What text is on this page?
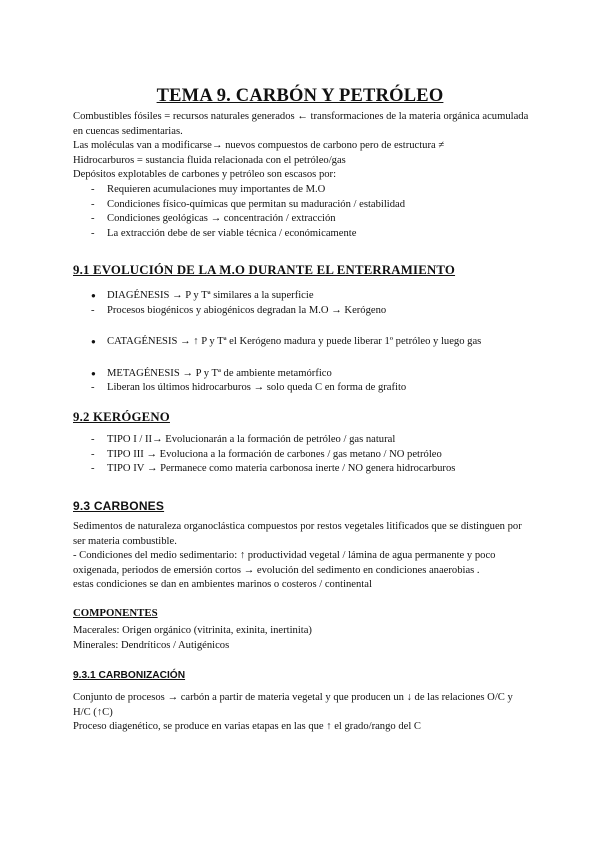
TEMA 9. CARBÓN Y PETRÓLEO

Combustibles fósiles = recursos naturales generados ← transformaciones de la materia orgánica acumulada en cuencas sedimentarias.

Las moléculas van a modificarse→ nuevos compuestos de carbono pero de estructura ≠

Hidrocarburos = sustancia fluida relacionada con el petróleo/gas

Depósitos explotables de carbones y petróleo son escasos por:

-	Requieren acumulaciones muy importantes de M.O
-	Condiciones físico-químicas que permitan su maduración / estabilidad
-	Condiciones geológicas → concentración / extracción
-	La extracción debe de ser viable técnica / económicamente
9.1 EVOLUCIÓN DE LA M.O DURANTE EL ENTERRAMIENTO
●	DIAGÉNESIS → P y Tª similares a la superficie
-	Procesos biogénicos y abiogénicos degradan la M.O → Kerógeno
●	CATAGÉNESIS → ↑ P y Tª el Kerógeno madura y puede liberar 1º petróleo y luego gas
●	METAGÉNESIS → P y Tª de ambiente metamórfico
-	Liberan los últimos hidrocarburos → solo queda C en forma de grafito
9.2 KERÓGENO
-	TIPO I / II→ Evolucionarán a la formación de petróleo / gas natural
-	TIPO III → Evoluciona a la formación de carbones / gas metano / NO petróleo
-	TIPO IV → Permanece como materia carbonosa inerte / NO genera hidrocarburos
9.3 CARBONES

Sedimentos de naturaleza organoclástica compuestos por restos vegetales litificados que se distinguen por ser materia combustible.

- Condiciones del medio sedimentario: ↑ productividad vegetal / lámina de agua permanente y poco oxigenada, periodos de emersión cortos → evolución del sedimento en condiciones anaerobias .

estas condiciones se dan en ambientes marinos o costeros / continental

COMPONENTES

Macerales: Origen orgánico (vitrinita, exinita, inertinita)

Minerales: Dendríticos / Autigénicos

9.3.1 CARBONIZACIÓN

Conjunto de procesos → carbón a partir de materia vegetal y que producen un ↓ de las relaciones O/C y H/C (↑C)

Proceso diagenético, se produce en varias etapas en las que ↑ el grado/rango del C
